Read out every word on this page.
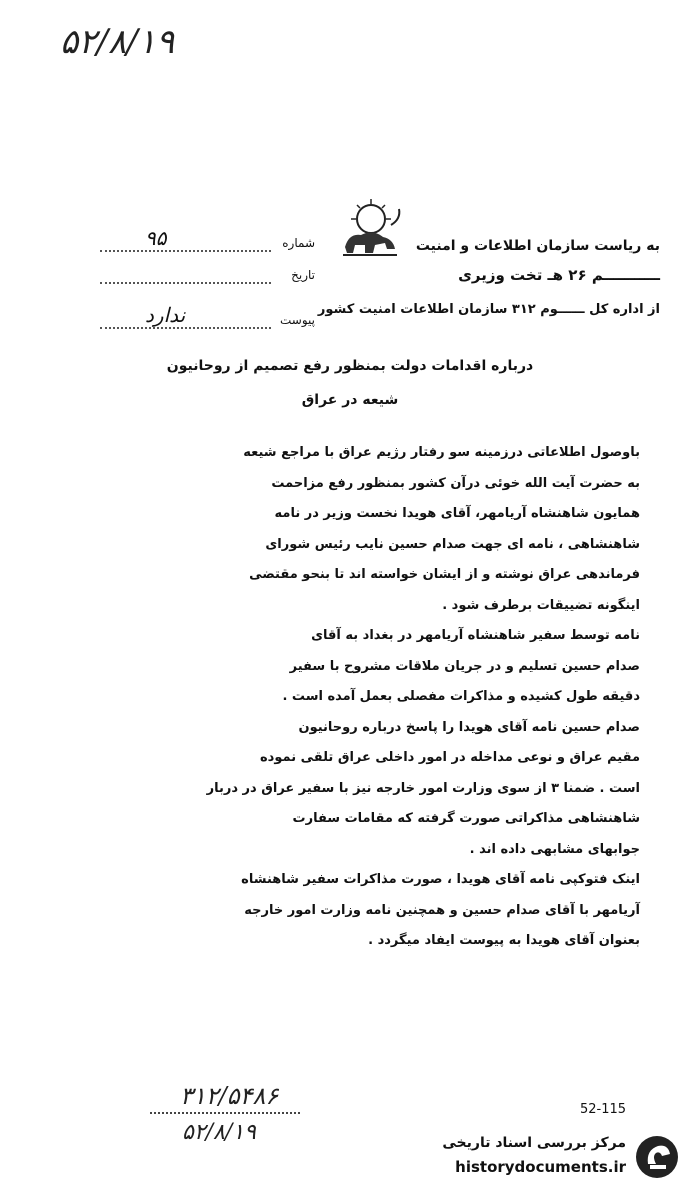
۵۲/۸/۱۹
به ریاست سازمان اطلاعات و امنیت
ـــــــــــم ۲۶ هـ تخت وزیری
از اداره کل ــــــوم ۳۱۲ سازمان اطلاعات امنیت کشور
شماره
۹۵
تاریخ
پیوست
ندارد
درباره اقدامات دولت بمنظور رفع تصمیم از روحانیون
شیعه در عراق

باوصول اطلاعاتی درزمینه سو رفتار رژیم عراق با مراجع شیعه

به حضرت آیت الله خوئی درآن کشور بمنظور رفع مزاحمت

همایون شاهنشاه آریامهر، آقای هویدا نخست وزیر در نامه

شاهنشاهی ، نامه ای جهت صدام حسین نایب رئیس شورای

فرماندهی عراق نوشته و از ایشان خواسته اند تا بنحو مقتضی

اینگونه تضییقات برطرف شود .

نامه توسط سفیر شاهنشاه آریامهر در بغداد به آقای

صدام حسین تسلیم و در جریان ملاقات مشروح با سفیر

دقیقه طول کشیده و مذاکرات مفصلی بعمل آمده است .

صدام حسین نامه آقای هویدا را پاسخ درباره روحانیون

مقیم عراق و نوعی مداخله در امور داخلی عراق تلقی نموده

است . ضمنا ۳ از سوی وزارت امور خارجه نیز با سفیر عراق در دربار

شاهنشاهی مذاکراتی صورت گرفته که مقامات سفارت

جوابهای مشابهی داده اند .

اینک فتوکپی نامه آقای هویدا ، صورت مذاکرات سفیر شاهنشاه

آریامهر با آقای صدام حسین و همچنین نامه وزارت امور خارجه

بعنوان آقای هویدا به پیوست ایفاد میگردد .

۳۱۲/۵۴۸۶
۵۲/۸/۱۹
52-115
مرکز بررسی اسناد تاریخی
historydocuments.ir
